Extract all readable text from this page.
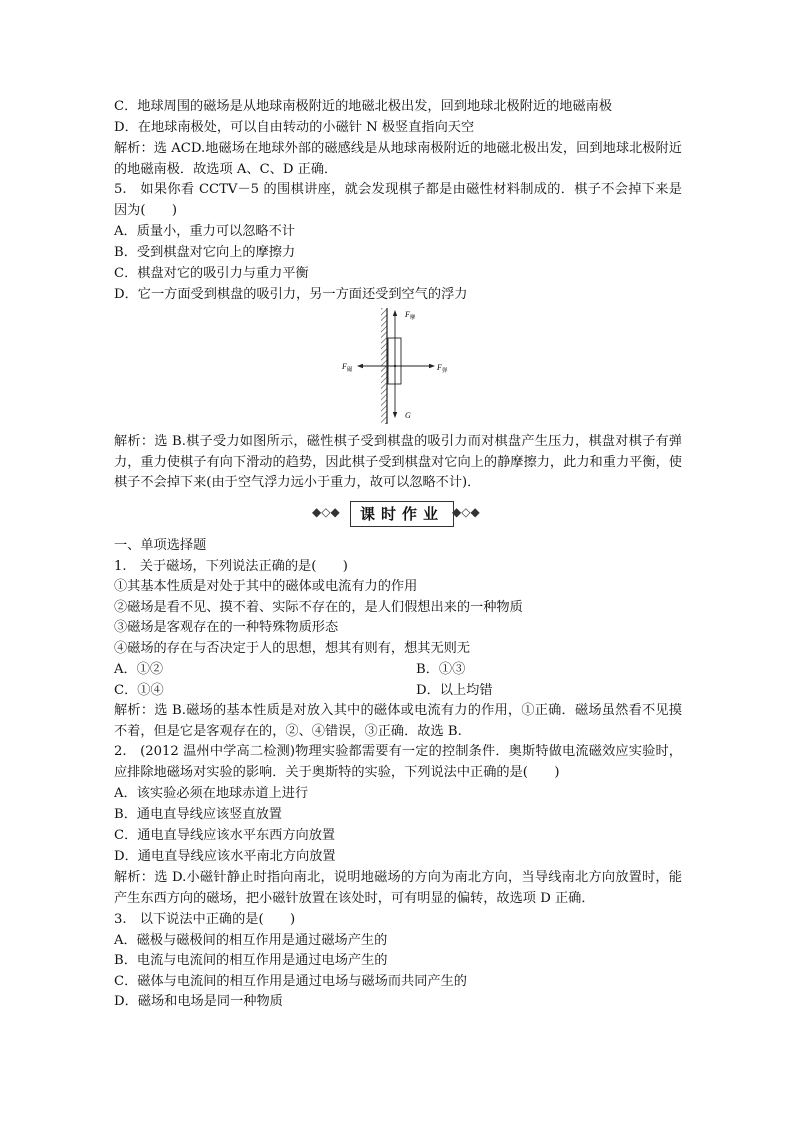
C．地球周围的磁场是从地球南极附近的地磁北极出发，回到地球北极附近的地磁南极
D．在地球南极处，可以自由转动的小磁针 N 极竖直指向天空
解析：选 ACD.地磁场在地球外部的磁感线是从地球南极附近的地磁北极出发，回到地球北极附近的地磁南极．故选项 A、C、D 正确．
5.　如果你看 CCTV－5 的围棋讲座，就会发现棋子都是由磁性材料制成的．棋子不会掉下来是因为(　　)
A．质量小，重力可以忽略不计
B．受到棋盘对它向上的摩擦力
C．棋盘对它的吸引力与重力平衡
D．它一方面受到棋盘的吸引力，另一方面还受到空气的浮力
$F_摩$
$F_磁$	$F_弹$
G
解析：选 B.棋子受力如图所示，磁性棋子受到棋盘的吸引力而对棋盘产生压力，棋盘对棋子有弹力，重力使棋子有向下滑动的趋势，因此棋子受到棋盘对它向上的静摩擦力，此力和重力平衡，使棋子不会掉下来(由于空气浮力远小于重力，故可以忽略不计)．
◆◇◆	课时作业 ◆◇◆
一、单项选择题
1.　关于磁场，下列说法正确的是(　　)
①其基本性质是对处于其中的磁体或电流有力的作用
②磁场是看不见、摸不着、实际不存在的，是人们假想出来的一种物质
③磁场是客观存在的一种特殊物质形态
④磁场的存在与否决定于人的思想，想其有则有，想其无则无
A．①②	B．①③
C．①④	D．以上均错
解析：选 B.磁场的基本性质是对放入其中的磁体或电流有力的作用，①正确．磁场虽然看不见摸不着，但是它是客观存在的，②、④错误，③正确．故选 B.
2.　(2012 温州中学高二检测)物理实验都需要有一定的控制条件．奥斯特做电流磁效应实验时，应排除地磁场对实验的影响．关于奥斯特的实验，下列说法中正确的是(　　)
A．该实验必须在地球赤道上进行
B．通电直导线应该竖直放置
C．通电直导线应该水平东西方向放置
D．通电直导线应该水平南北方向放置
解析：选 D.小磁针静止时指向南北，说明地磁场的方向为南北方向，当导线南北方向放置时，能产生东西方向的磁场，把小磁针放置在该处时，可有明显的偏转，故选项 D 正确．
3.　以下说法中正确的是(　　)
A．磁极与磁极间的相互作用是通过磁场产生的
B．电流与电流间的相互作用是通过电场产生的
C．磁体与电流间的相互作用是通过电场与磁场而共同产生的
D．磁场和电场是同一种物质
